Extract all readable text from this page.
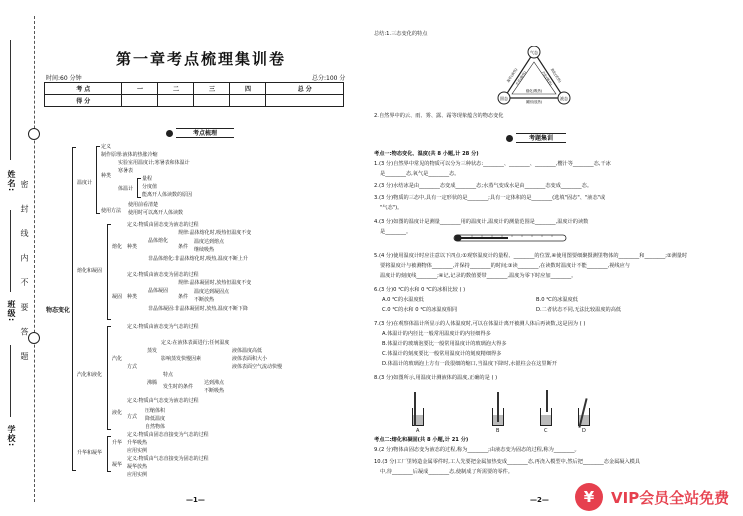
姓名:
班级:
学校:
密 封 线 内 不 要 答 题
第一章考点梳理集训卷
时间:60 分钟	总分:100 分
考 点	一	二	三	四	总 分
得 分					
考点梳理
物态变化
温度计
定义
制作原理:液体的热胀冷缩
种类
实验室用温度计;寒暑表和体温计
寒暑表
体温计
量程
分度值
能离开人体读数的原因
使用方法
使用前看清楚
使用时可以离开人体读数
熔化和凝固
熔化
定义:物质由固态变为液态的过程
种类
晶体熔化
规律:晶体熔化时,吸热但温度不变
条件
温度达到熔点
继续吸热
非晶体熔化:非晶体熔化时,吸热,温度不断上升
凝固
定义:物质由液态变为固态的过程
种类
晶体凝固
规律:晶体凝固时,放热但温度不变
条件
温度达到凝固点
不断放热
非晶体凝固:非晶体凝固时,放热,温度不断下降
汽化和液化
汽化
定义:物质由液态变为气态的过程
方式
蒸发
定义:在液体表面进行;任何温度
影响蒸发快慢因素
液体温度高低
液体表面积大小
液体表面空气流动快慢
沸腾
特点
发生时的条件
达到沸点
不断吸热
液化
定义:物质由气态变为液态的过程
方式
压缩体积
降低温度
自然物体
升华和凝华
升华
定义:物质由固态直接变为气态的过程
升华吸热
应用实例
凝华
定义:物质由气态直接变为固态的过程
凝华放热
应用实例
—1—
总结:1.三态变化的特点
气态
固态	液态
凝华(放热)
升华(吸热)	汽化(吸热)
液化(放热)
熔化(吸热)
凝固(放热)
2.自然界中的云、雨、雾、露、霜等现象蕴含的物态变化
考题集训
考点一:物态变化、温度(共 8 小题,计 28 分)
1.(3 分)自然界中常见的物质可以分为三种状态:________、________、________,樱汁等________态,干冰
是________态,氧气是________态。
2.(3 分)水结冰是由________态变成________态;水蒸气变成水是由________态变成________态。
3.(3 分)物质的三态中,具有一定形状的是________;具有一定体积的是________(选填"固态"、"液态"或
"气态")。
4.(3 分)如图的温度计是测量________用的温度计,温度计的测量范围是________,温度计的读数
是________。
5.(4 分)使用温度计时应注意以下四点:①观察温度计的量程、________的位置,④使用图要细聚摄测里物体的________和________;②测量时
要将温度计与被测物体________,并保持________的时间;③读________,在读数时温度计不能________,视线应与
温度计的刻度线________;④记,记录的数值要带________,温度为零下时应加________。
6.(3 分)0 ℃的水和 0 ℃的冰相比较 ( )
A.0 ℃的水温度低	B.0 ℃的冰温度低
C.0 ℃的水和 0 ℃的冰温度相同	D.二者状态不同,无法比较温度的高低
7.(3 分)在观察体温计所显示的人体温度时,可以在体温计离开被测人体后再读数,这是因为 ( )
A.体温计的内径比一般常用温度计的内径细得多
B.体温计的玻璃泡要比一般常用温度计的玻璃泡大得多
C.体温计的刻度要比一般常用温度计的刻度精细得多
D.体温计的玻璃泡上方有一段很细的缩口,当温度下降时,水银柱会在这里断开
8.(3 分)如图所示,用温度计测液体的温度,正确的是 ( )
A	B	C	D
考点二:熔化和凝固(共 8 小题,计 21 分)
9.(2 分)物体由固态变为液态的过程,称为________;由液态变为固态的过程,称为________。
10.(3 分)工厂里铸造金属零件时,工人先要把金属加热变成________态,再浇入模型中,然后把________态金属凝入模具
中,待________后凝成________态,使制成了所需要的零件。
—2—	¥	VIP会员全站免费
